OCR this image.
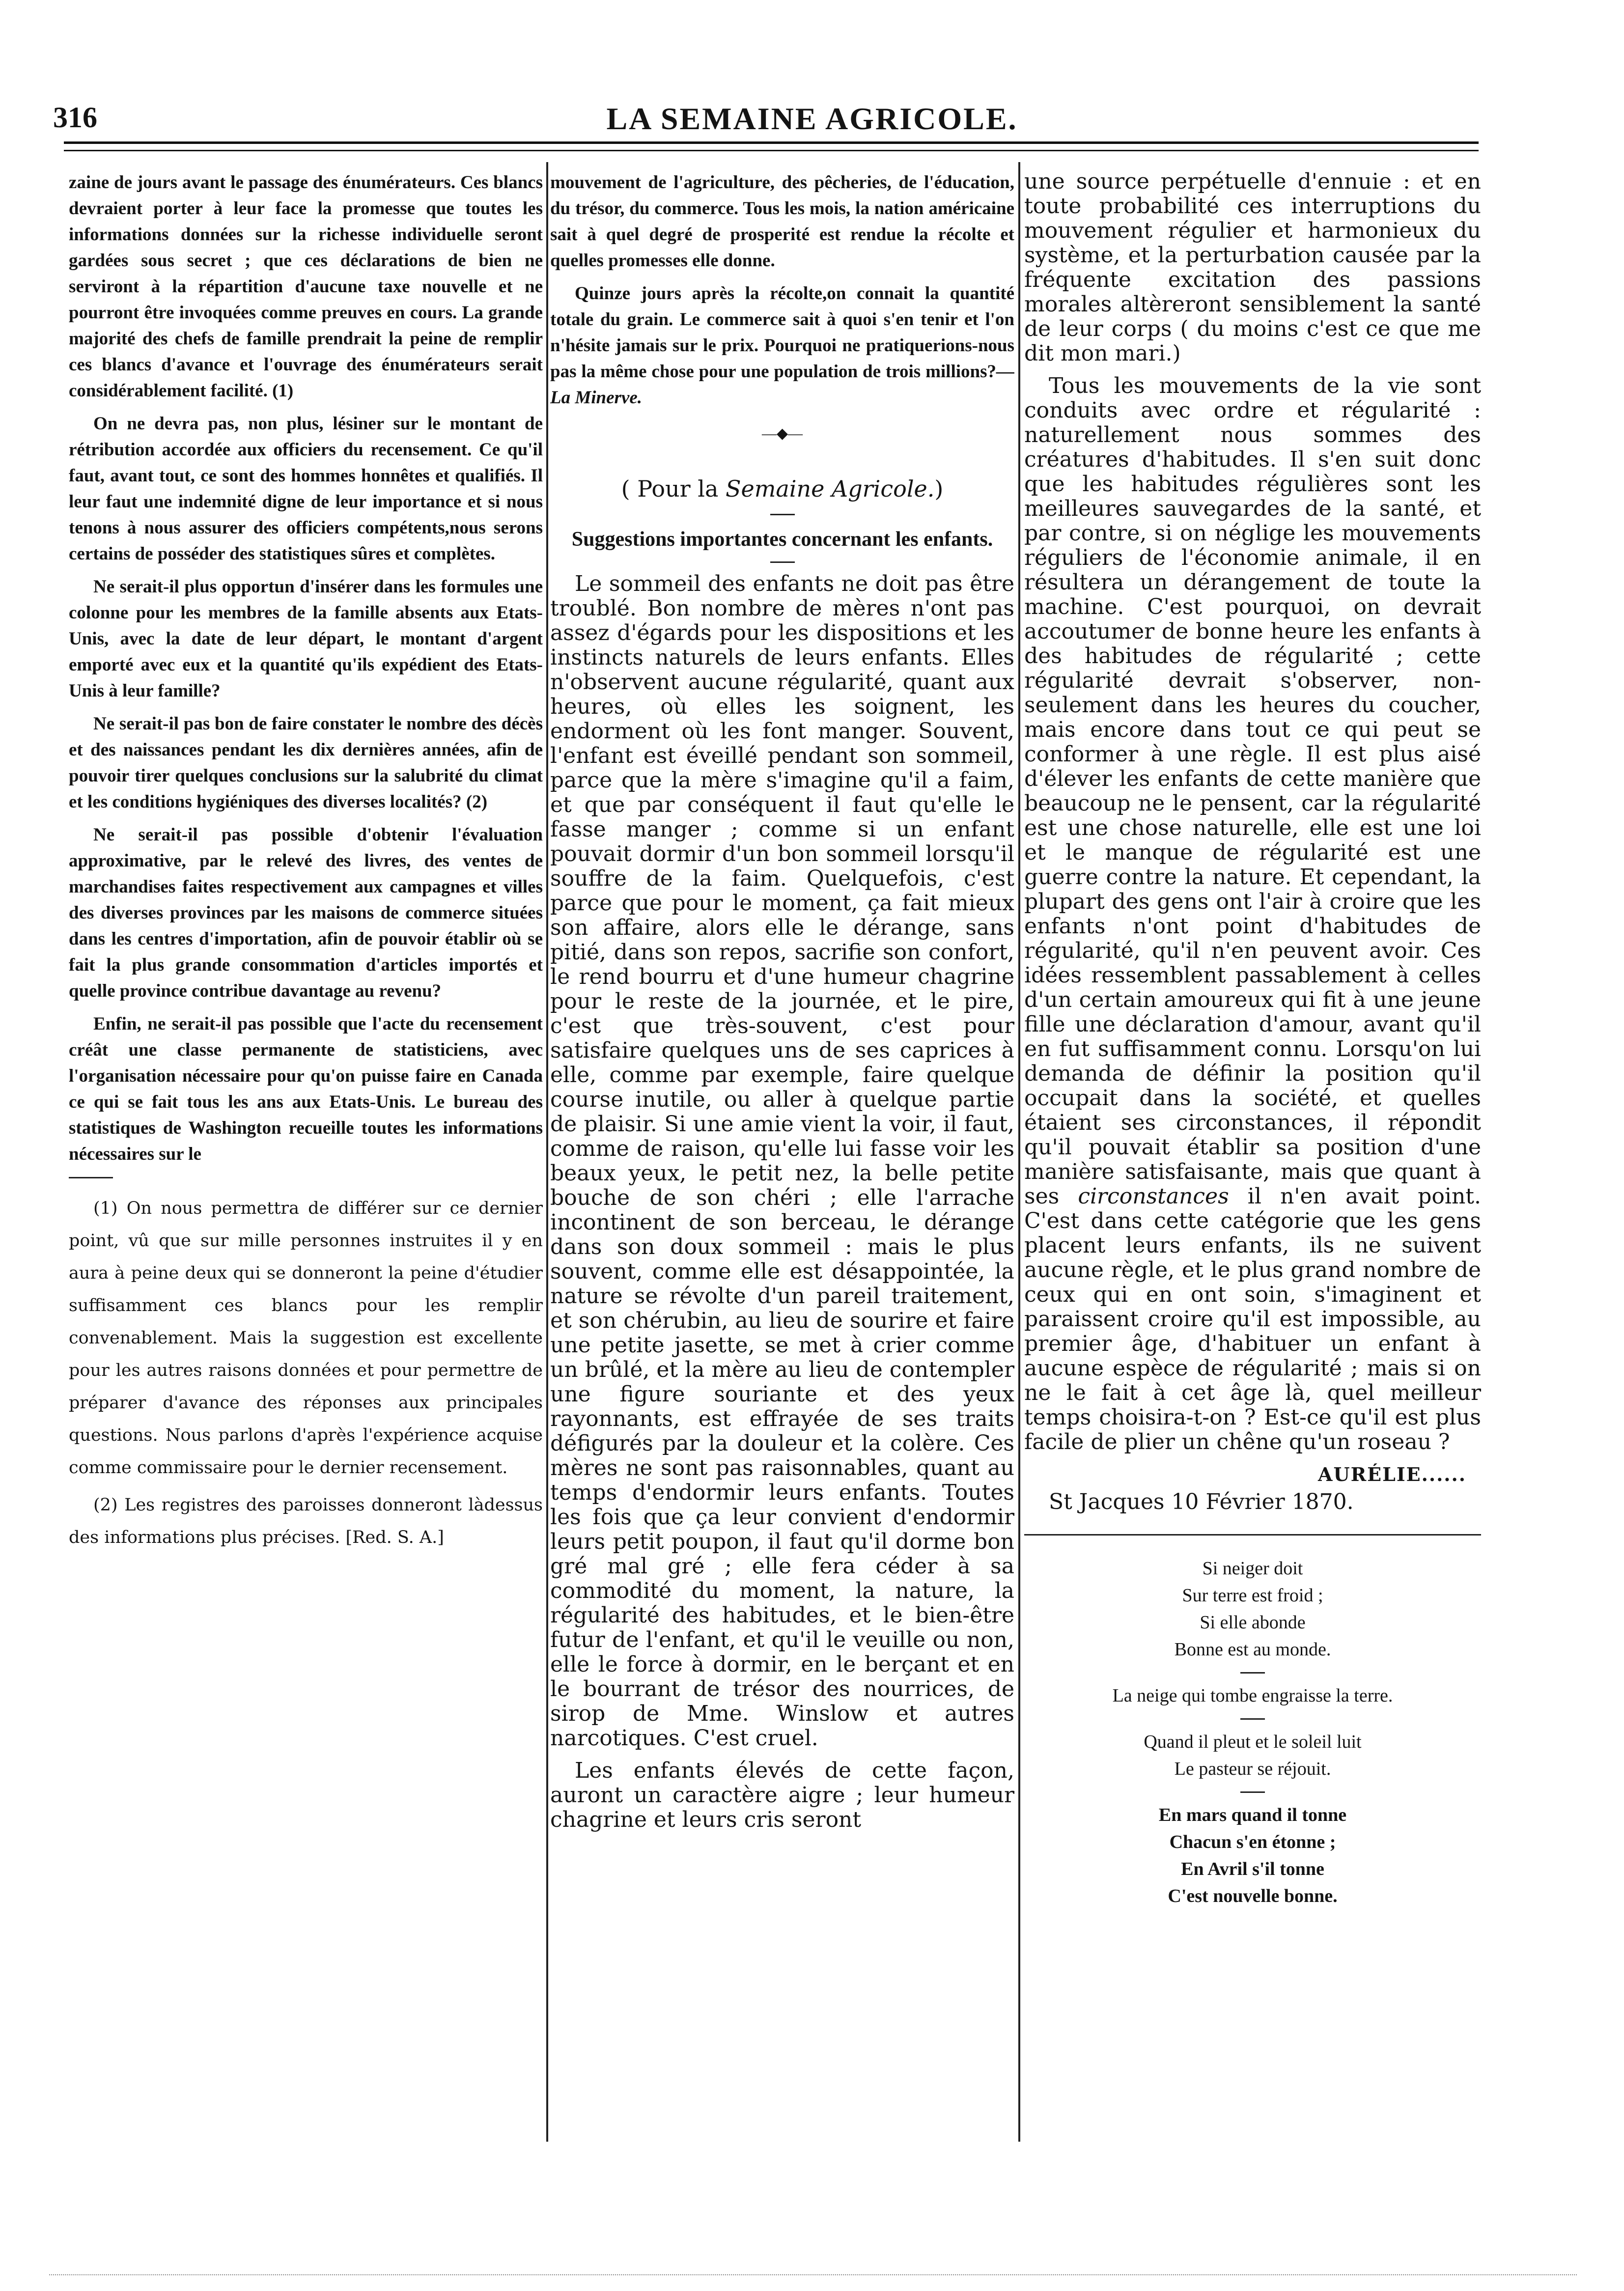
316	LA SEMAINE AGRICOLE.

zaine de jours avant le passage des énumérateurs. Ces blancs devraient porter à leur face la promesse que toutes les informations données sur la richesse individuelle seront gardées sous secret ; que ces déclarations de bien ne serviront à la répartition d'aucune taxe nouvelle et ne pourront être invoquées comme preuves en cours. La grande majorité des chefs de famille prendrait la peine de remplir ces blancs d'avance et l'ouvrage des énumérateurs serait considérablement facilité. (1)

On ne devra pas, non plus, lésiner sur le montant de rétribution accordée aux officiers du recensement. Ce qu'il faut, avant tout, ce sont des hommes honnêtes et qualifiés. Il leur faut une indemnité digne de leur importance et si nous tenons à nous assurer des officiers compétents,nous serons certains de posséder des statistiques sûres et complètes.

Ne serait-il plus opportun d'insérer dans les formules une colonne pour les membres de la famille absents aux Etats-Unis, avec la date de leur départ, le montant d'argent emporté avec eux et la quantité qu'ils expédient des Etats-Unis à leur famille?

Ne serait-il pas bon de faire constater le nombre des décès et des naissances pendant les dix dernières années, afin de pouvoir tirer quelques conclusions sur la salubrité du climat et les conditions hygiéniques des diverses localités? (2)

Ne serait-il pas possible d'obtenir l'évaluation approximative, par le relevé des livres, des ventes de marchandises faites respectivement aux campagnes et villes des diverses provinces par les maisons de commerce situées dans les centres d'importation, afin de pouvoir établir où se fait la plus grande consommation d'articles importés et quelle province contribue davantage au revenu?

Enfin, ne serait-il pas possible que l'acte du recensement créât une classe permanente de statisticiens, avec l'organisation nécessaire pour qu'on puisse faire en Canada ce qui se fait tous les ans aux Etats-Unis. Le bureau des statistiques de Washington recueille toutes les informations nécessaires sur le

(1) On nous permettra de différer sur ce dernier point, vû que sur mille personnes instruites il y en aura à peine deux qui se donneront la peine d'étudier suffisamment ces blancs pour les remplir convenablement. Mais la suggestion est excellente pour les autres raisons données et pour permettre de préparer d'avance des réponses aux principales questions. Nous parlons d'après l'expérience acquise comme commissaire pour le dernier recensement.

(2) Les registres des paroisses donneront làdessus des informations plus précises. [Red. S. A.]

mouvement de l'agriculture, des pêcheries, de l'éducation, du trésor, du commerce. Tous les mois, la nation américaine sait à quel degré de prosperité est rendue la récolte et quelles promesses elle donne.

Quinze jours après la récolte,on connait la quantité totale du grain. Le commerce sait à quoi s'en tenir et l'on n'hésite jamais sur le prix. Pourquoi ne pratiquerions-nous pas la même chose pour une population de trois millions?—La Minerve.

—◆—
( Pour la Semaine Agricole.)
Suggestions importantes concernant les enfants.

Le sommeil des enfants ne doit pas être troublé. Bon nombre de mères n'ont pas assez d'égards pour les dispositions et les instincts naturels de leurs enfants. Elles n'observent aucune régularité, quant aux heures, où elles les soignent, les endorment où les font manger. Souvent, l'enfant est éveillé pendant son sommeil, parce que la mère s'imagine qu'il a faim, et que par conséquent il faut qu'elle le fasse manger ; comme si un enfant pouvait dormir d'un bon sommeil lorsqu'il souffre de la faim. Quelquefois, c'est parce que pour le moment, ça fait mieux son affaire, alors elle le dérange, sans pitié, dans son repos, sacrifie son confort, le rend bourru et d'une humeur chagrine pour le reste de la journée, et le pire, c'est que très-souvent, c'est pour satisfaire quelques uns de ses caprices à elle, comme par exemple, faire quelque course inutile, ou aller à quelque partie de plaisir. Si une amie vient la voir, il faut, comme de raison, qu'elle lui fasse voir les beaux yeux, le petit nez, la belle petite bouche de son chéri ; elle l'arrache incontinent de son berceau, le dérange dans son doux sommeil : mais le plus souvent, comme elle est désappointée, la nature se révolte d'un pareil traitement, et son chérubin, au lieu de sourire et faire une petite jasette, se met à crier comme un brûlé, et la mère au lieu de contempler une figure souriante et des yeux rayonnants, est effrayée de ses traits défigurés par la douleur et la colère. Ces mères ne sont pas raisonnables, quant au temps d'endormir leurs enfants. Toutes les fois que ça leur convient d'endormir leurs petit poupon, il faut qu'il dorme bon gré mal gré ; elle fera céder à sa commodité du moment, la nature, la régularité des habitudes, et le bien-être futur de l'enfant, et qu'il le veuille ou non, elle le force à dormir, en le berçant et en le bourrant de trésor des nourrices, de sirop de Mme. Winslow et autres narcotiques. C'est cruel.

Les enfants élevés de cette façon, auront un caractère aigre ; leur humeur chagrine et leurs cris seront

une source perpétuelle d'ennuie : et en toute probabilité ces interruptions du mouvement régulier et harmonieux du système, et la perturbation causée par la fréquente excitation des passions morales altèreront sensiblement la santé de leur corps ( du moins c'est ce que me dit mon mari.)

Tous les mouvements de la vie sont conduits avec ordre et régularité : naturellement nous sommes des créatures d'habitudes. Il s'en suit donc que les habitudes régulières sont les meilleures sauvegardes de la santé, et par contre, si on néglige les mouvements réguliers de l'économie animale, il en résultera un dérangement de toute la machine. C'est pourquoi, on devrait accoutumer de bonne heure les enfants à des habitudes de régularité ; cette régularité devrait s'observer, non-seulement dans les heures du coucher, mais encore dans tout ce qui peut se conformer à une règle. Il est plus aisé d'élever les enfants de cette manière que beaucoup ne le pensent, car la régularité est une chose naturelle, elle est une loi et le manque de régularité est une guerre contre la nature. Et cependant, la plupart des gens ont l'air à croire que les enfants n'ont point d'habitudes de régularité, qu'il n'en peuvent avoir. Ces idées ressemblent passablement à celles d'un certain amoureux qui fit à une jeune fille une déclaration d'amour, avant qu'il en fut suffisamment connu. Lorsqu'on lui demanda de définir la position qu'il occupait dans la société, et quelles étaient ses circonstances, il répondit qu'il pouvait établir sa position d'une manière satisfaisante, mais que quant à ses circonstances il n'en avait point. C'est dans cette catégorie que les gens placent leurs enfants, ils ne suivent aucune règle, et le plus grand nombre de ceux qui en ont soin, s'imaginent et paraissent croire qu'il est impossible, au premier âge, d'habituer un enfant à aucune espèce de régularité ; mais si on ne le fait à cet âge là, quel meilleur temps choisira-t-on ? Est-ce qu'il est plus facile de plier un chêne qu'un roseau ?

AURÉLIE......
St Jacques 10 Février 1870.
Si neiger doit
Sur terre est froid ;
Si elle abonde
Bonne est au monde.
La neige qui tombe engraisse la terre.
Quand il pleut et le soleil luit
Le pasteur se réjouit.
En mars quand il tonne
Chacun s'en étonne ;
En Avril s'il tonne
C'est nouvelle bonne.
